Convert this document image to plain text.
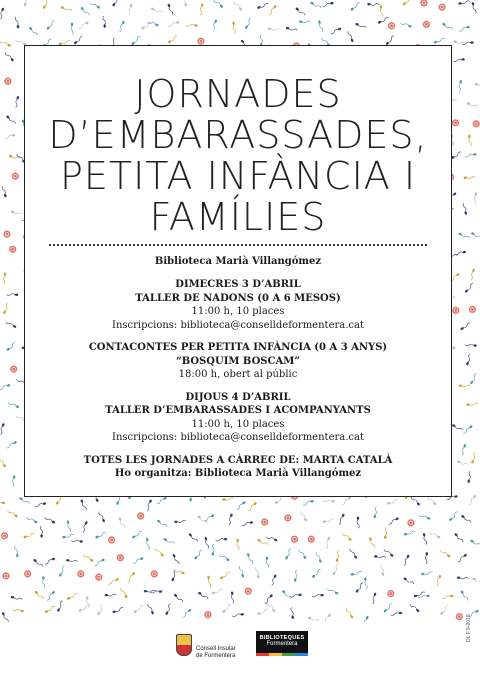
JORNADES
D’EMBARASSADES,
PETITA INFÀNCIA I
FAMÍLIES
Biblioteca Marià Villangómez
DIMECRES 3 D’ABRIL
TALLER DE NADONS (0 A 6 MESOS)
11:00 h, 10 places
Inscripcions: biblioteca@conselldeformentera.cat
CONTACONTES PER PETITA INFÀNCIA (0 A 3 ANYS)
“BOSQUIM BOSCAM”
18:00 h, obert al públic
DIJOUS 4 D’ABRIL
TALLER D’EMBARASSADES I ACOMPANYANTS
11:00 h, 10 places
Inscripcions: biblioteca@conselldeformentera.cat
TOTES LES JORNADES A CÀRREC DE: MARTA CATALÀ
Ho organitza: Biblioteca Marià Villangómez
Consell Insular
de Formentera
BIBLIOTEQUES
Formentera
DL F 9-2019
